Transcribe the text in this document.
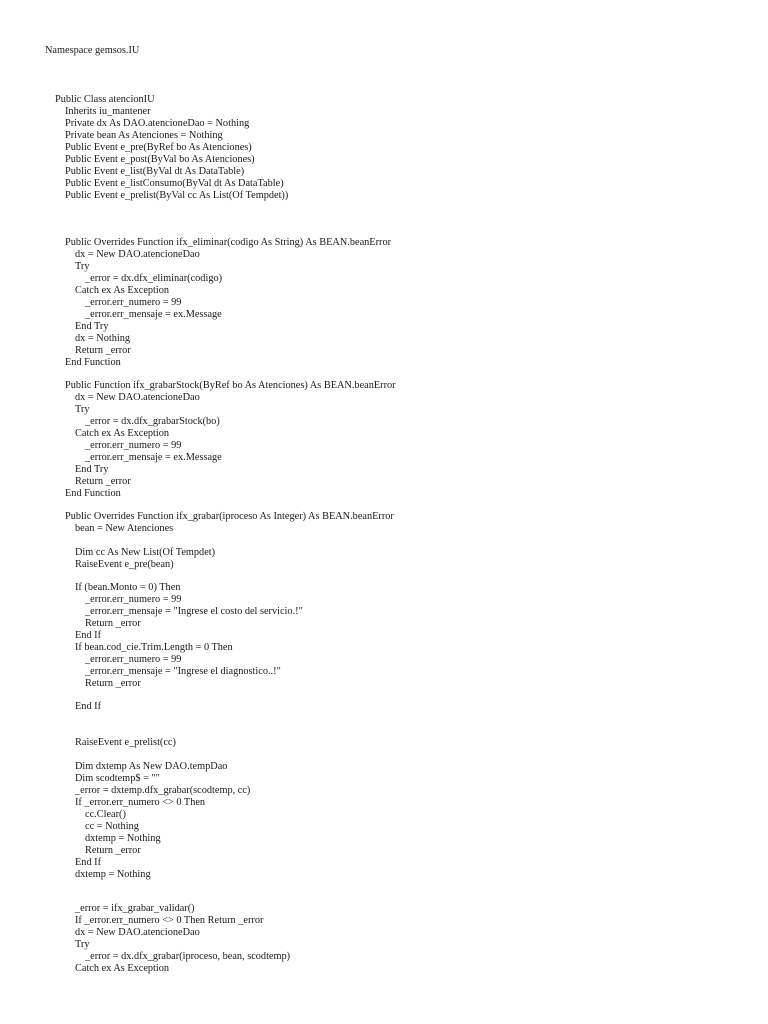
Namespace gemsos.IU
Public Class atencionIU
Inherits iu_mantener
Private dx As DAO.atencioneDao = Nothing
Private bean As Atenciones = Nothing
Public Event e_pre(ByRef bo As Atenciones)
Public Event e_post(ByVal bo As Atenciones)
Public Event e_list(ByVal dt As DataTable)
Public Event e_listConsumo(ByVal dt As DataTable)
Public Event e_prelist(ByVal cc As List(Of Tempdet))
Public Overrides Function ifx_eliminar(codigo As String) As BEAN.beanError
dx = New DAO.atencioneDao
Try
_error = dx.dfx_eliminar(codigo)
Catch ex As Exception
_error.err_numero = 99
_error.err_mensaje = ex.Message
End Try
dx = Nothing
Return _error
End Function
Public Function ifx_grabarStock(ByRef bo As Atenciones) As BEAN.beanError
dx = New DAO.atencioneDao
Try
_error = dx.dfx_grabarStock(bo)
Catch ex As Exception
_error.err_numero = 99
_error.err_mensaje = ex.Message
End Try
Return _error
End Function
Public Overrides Function ifx_grabar(iproceso As Integer) As BEAN.beanError
bean = New Atenciones
Dim cc As New List(Of Tempdet)
RaiseEvent e_pre(bean)
If (bean.Monto = 0) Then
_error.err_numero = 99
_error.err_mensaje = "Ingrese el costo del servicio.!"
Return _error
End If
If bean.cod_cie.Trim.Length = 0 Then
_error.err_numero = 99
_error.err_mensaje = "Ingrese el diagnostico..!"
Return _error
End If
RaiseEvent e_prelist(cc)
Dim dxtemp As New DAO.tempDao
Dim scodtemp$ = ""
_error = dxtemp.dfx_grabar(scodtemp, cc)
If _error.err_numero <> 0 Then
cc.Clear()
cc = Nothing
dxtemp = Nothing
Return _error
End If
dxtemp = Nothing
_error = ifx_grabar_validar()
If _error.err_numero <> 0 Then Return _error
dx = New DAO.atencioneDao
Try
_error = dx.dfx_grabar(iproceso, bean, scodtemp)
Catch ex As Exception
